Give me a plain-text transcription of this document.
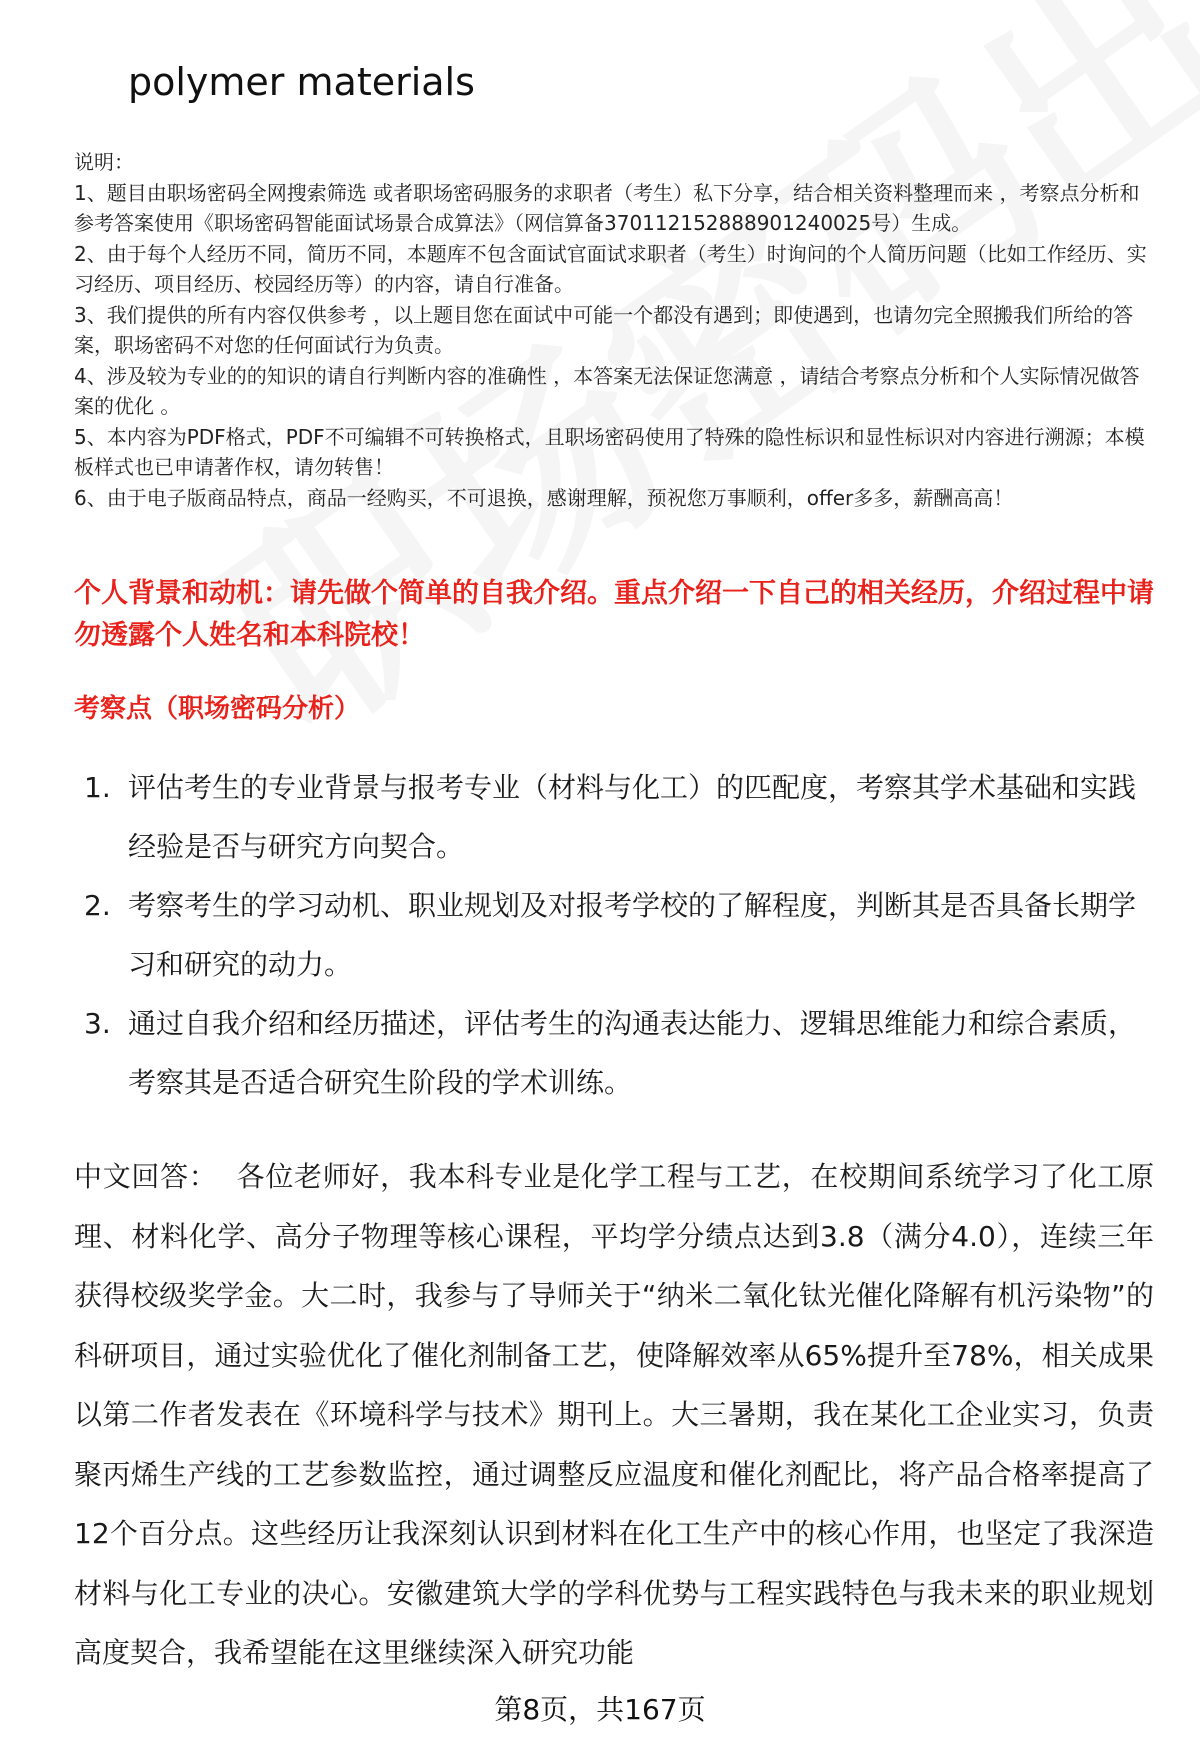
polymer materials
说明：
1、题目由职场密码全网搜索筛选 或者职场密码服务的求职者（考生）私下分享，结合相关资料整理而来 ，考察点分析和参考答案使用《职场密码智能面试场景合成算法》（网信算备370112152888901240025号）生成。
2、由于每个人经历不同，简历不同，本题库不包含面试官面试求职者（考生）时询问的个人简历问题（比如工作经历、实习经历、项目经历、校园经历等）的内容，请自行准备。
3、我们提供的所有内容仅供参考 ，以上题目您在面试中可能一个都没有遇到；即使遇到，也请勿完全照搬我们所给的答案，职场密码不对您的任何面试行为负责。
4、涉及较为专业的的知识的请自行判断内容的准确性 ，本答案无法保证您满意 ，请结合考察点分析和个人实际情况做答案的优化 。
5、本内容为PDF格式，PDF不可编辑不可转换格式，且职场密码使用了特殊的隐性标识和显性标识对内容进行溯源；本模板样式也已申请著作权，请勿转售！
6、由于电子版商品特点，商品一经购买，不可退换，感谢理解，预祝您万事顺利，offer多多，薪酬高高！
个人背景和动机：请先做个简单的自我介绍。重点介绍一下自己的相关经历，介绍过程中请勿透露个人姓名和本科院校！
考察点（职场密码分析）
1. 评估考生的专业背景与报考专业（材料与化工）的匹配度，考察其学术基础和实践经验是否与研究方向契合。
2. 考察考生的学习动机、职业规划及对报考学校的了解程度，判断其是否具备长期学习和研究的动力。
3. 通过自我介绍和经历描述，评估考生的沟通表达能力、逻辑思维能力和综合素质，考察其是否适合研究生阶段的学术训练。
中文回答： 各位老师好，我本科专业是化学工程与工艺，在校期间系统学习了化工原理、材料化学、高分子物理等核心课程，平均学分绩点达到3.8（满分4.0），连续三年获得校级奖学金。大二时，我参与了导师关于“纳米二氧化钛光催化降解有机污染物”的科研项目，通过实验优化了催化剂制备工艺，使降解效率从65%提升至78%，相关成果以第二作者发表在《环境科学与技术》期刊上。大三暑期，我在某化工企业实习，负责聚丙烯生产线的工艺参数监控，通过调整反应温度和催化剂配比，将产品合格率提高了12个百分点。这些经历让我深刻认识到材料在化工生产中的核心作用，也坚定了我深造材料与化工专业的决心。安徽建筑大学的学科优势与工程实践特色与我未来的职业规划高度契合，我希望能在这里继续深入研究功能
第8页，共167页
